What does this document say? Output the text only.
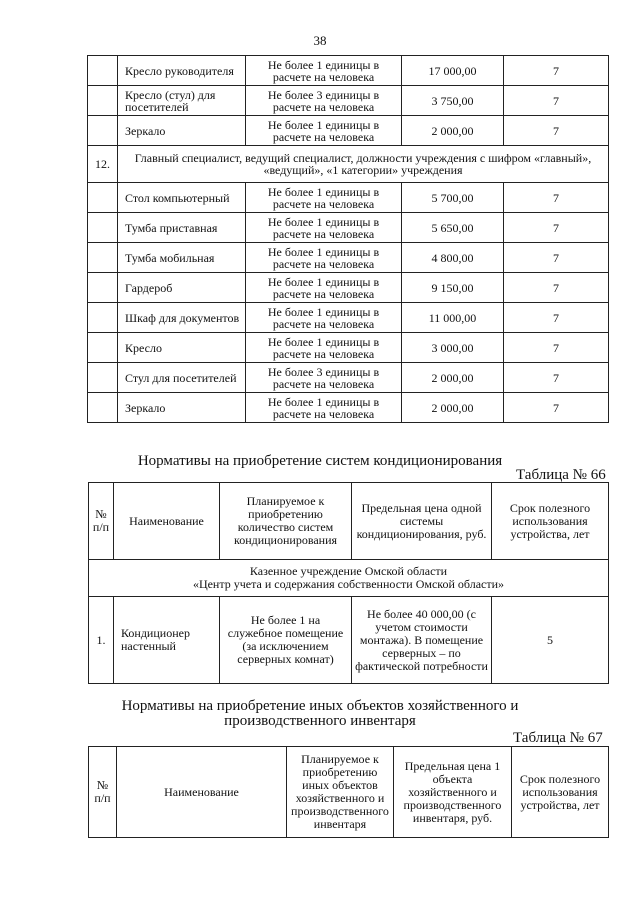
38
	Кресло руководителя	Не более 1 единицы в расчете на человека	17 000,00	7
	Кресло (стул) для посетителей	Не более 3 единицы в расчете на человека	3 750,00	7
	Зеркало	Не более 1 единицы в расчете на человека	2 000,00	7
12.	Главный специалист, ведущий специалист, должности учреждения с шифром «главный», «ведущий», «1 категории» учреждения			
	Стол компьютерный	Не более 1 единицы в расчете на человека	5 700,00	7
	Тумба приставная	Не более 1 единицы в расчете на человека	5 650,00	7
	Тумба мобильная	Не более 1 единицы в расчете на человека	4 800,00	7
	Гардероб	Не более 1 единицы в расчете на человека	9 150,00	7
	Шкаф для документов	Не более 1 единицы в расчете на человека	11 000,00	7
	Кресло	Не более 1 единицы в расчете на человека	3 000,00	7
	Стул для посетителей	Не более 3 единицы в расчете на человека	2 000,00	7
	Зеркало	Не более 1 единицы в расчете на человека	2 000,00	7
Нормативы на приобретение систем кондиционирования
Таблица № 66
№ п/п	Наименование	Планируемое к приобретению количество систем кондиционирования	Предельная цена одной системы кондиционирования, руб.	Срок полезного использования устройства, лет
Казенное учреждение Омской области
«Центр учета и содержания собственности Омской области»				
1.	Кондиционер настенный	Не более 1 на служебное помещение (за исключением серверных комнат)	Не более 40 000,00 (с учетом стоимости монтажа). В помещение серверных – по фактической потребности	5
Нормативы на приобретение иных объектов хозяйственного и
производственного инвентаря
Таблица № 67
№ п/п	Наименование	Планируемое к приобретению иных объектов хозяйственного и производственного инвентаря	Предельная цена 1 объекта хозяйственного и производственного инвентаря, руб.	Срок полезного использования устройства, лет
